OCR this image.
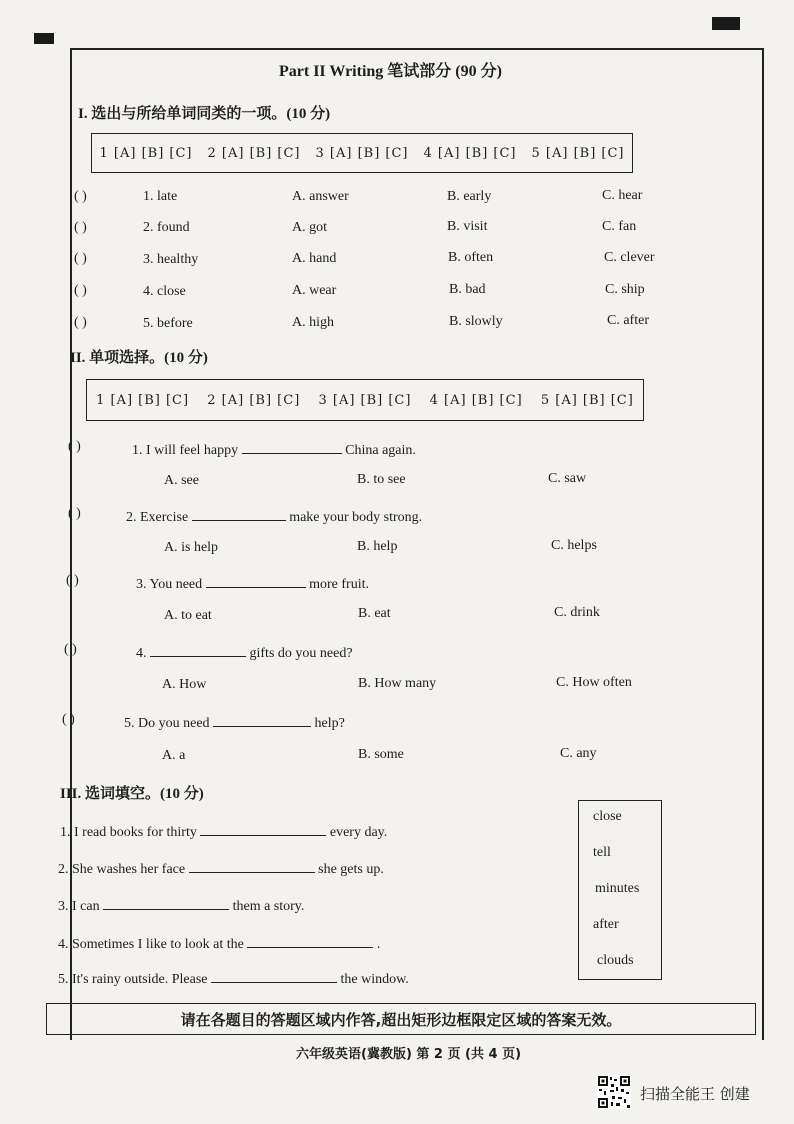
Part II Writing 笔试部分 (90 分)
I. 选出与所给单词同类的一项。(10 分)
1 [A] [B] [C] 2 [A] [B] [C] 3 [A] [B] [C] 4 [A] [B] [C] 5 [A] [B] [C]
( )	1. late	A. answer	B. early	C. hear
( )	2. found	A. got	B. visit	C. fan
( )	3. healthy	A. hand	B. often	C. clever
( )	4. close	A. wear	B. bad	C. ship
( )	5. before	A. high	B. slowly	C. after
II. 单项选择。(10 分)
1 [A] [B] [C] 2 [A] [B] [C] 3 [A] [B] [C] 4 [A] [B] [C] 5 [A] [B] [C]
( )	1. I will feel happy	China again.
A. see	B. to see	C. saw
( )	2. Exercise	make your body strong.
A. is help	B. help	C. helps
( )	3. You need	more fruit.
A. to eat	B. eat	C. drink
( )	4.	gifts do you need?
A. How	B. How many	C. How often
( )	5. Do you need	help?
A. a	B. some	C. any
III. 选词填空。(10 分)
1. I read books for thirty	every day.
2. She washes her face	she gets up.
3. I can	them a story.
4. Sometimes I like to look at the	.
5. It's rainy outside. Please	the window.
close
tell
minutes
after
clouds
请在各题目的答题区域内作答,超出矩形边框限定区域的答案无效。
六年级英语(冀教版) 第 2 页 (共 4 页)
扫描全能王 创建
